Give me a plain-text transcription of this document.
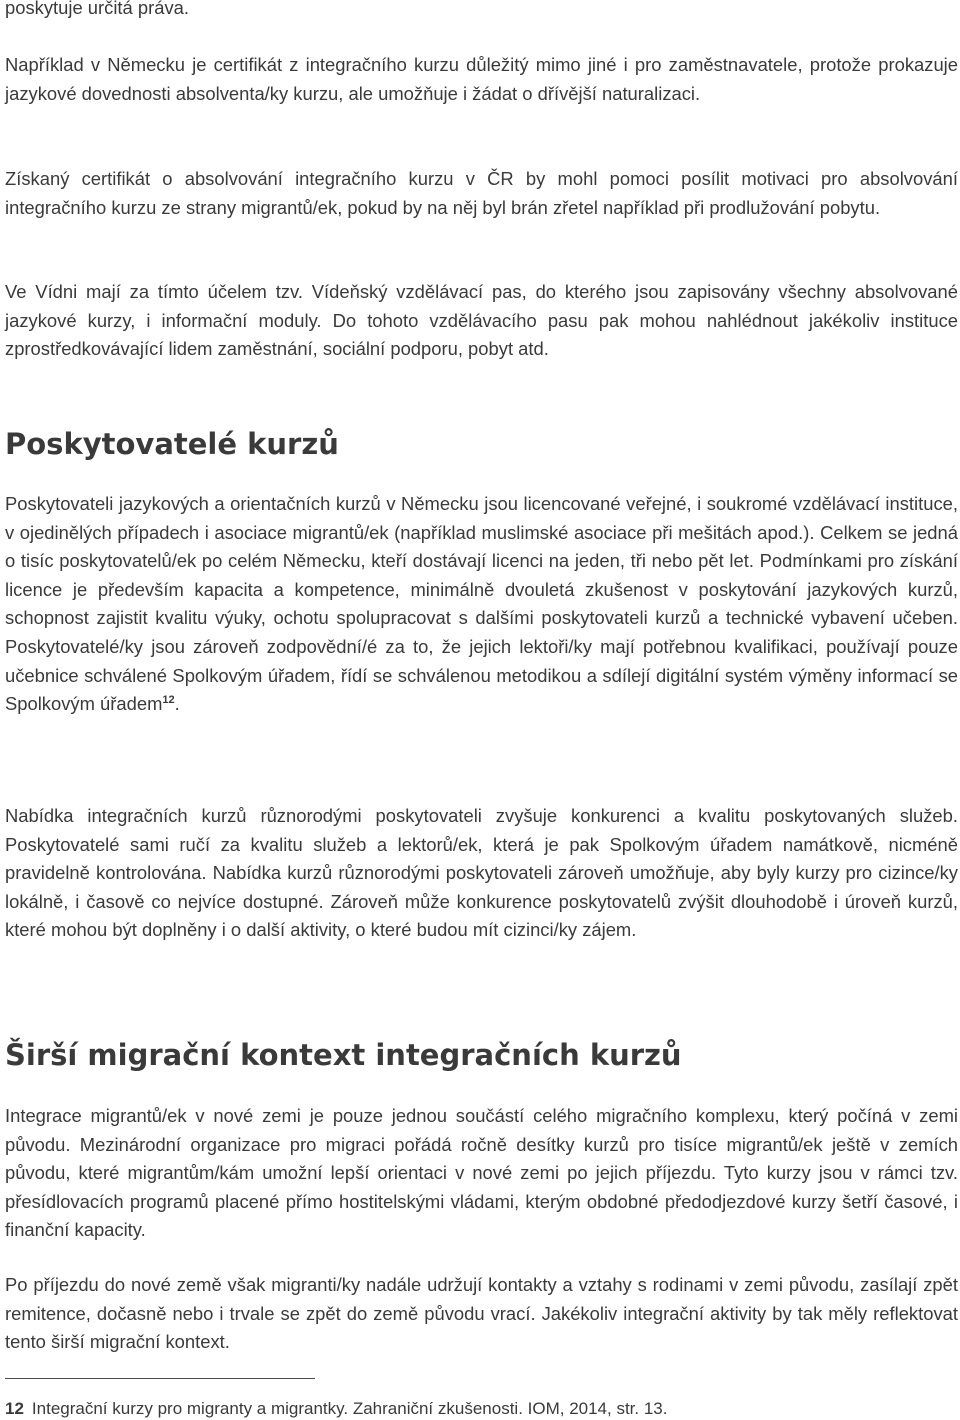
poskytuje určitá práva.

Například v Německu je certifikát z integračního kurzu důležitý mimo jiné i pro zaměstnavatele, protože prokazuje jazykové dovednosti absolventa/ky kurzu, ale umožňuje i žádat o dřívější naturalizaci.

Získaný certifikát o absolvování integračního kurzu v ČR by mohl pomoci posílit motivaci pro absolvování integračního kurzu ze strany migrantů/ek, pokud by na něj byl brán zřetel například při prodlužování pobytu.

Ve Vídni mají za tímto účelem tzv. Vídeňský vzdělávací pas, do kterého jsou zapisovány všechny absolvované jazykové kurzy, i informační moduly. Do tohoto vzdělávacího pasu pak mohou nahlédnout jakékoliv instituce zprostředkovávající lidem zaměstnání, sociální podporu, pobyt atd.

Poskytovatelé kurzů

Poskytovateli jazykových a orientačních kurzů v Německu jsou licencované veřejné, i soukromé vzdělávací instituce, v ojedinělých případech i asociace migrantů/ek (například muslimské asociace při mešitách apod.). Celkem se jedná o tisíc poskytovatelů/ek po celém Německu, kteří dostávají licenci na jeden, tři nebo pět let. Podmínkami pro získání licence je především kapacita a kompetence, minimálně dvouletá zkušenost v poskytování jazykových kurzů, schopnost zajistit kvalitu výuky, ochotu spolupracovat s dalšími poskytovateli kurzů a technické vybavení učeben. Poskytovatelé/ky jsou zároveň zodpovědní/é za to, že jejich lektoři/ky mají potřebnou kvalifikaci, používají pouze učebnice schválené Spolkovým úřadem, řídí se schválenou metodikou a sdílejí digitální systém výměny informací se Spolkovým úřadem$^{12}$.

Nabídka integračních kurzů různorodými poskytovateli zvyšuje konkurenci a kvalitu poskytovaných služeb. Poskytovatelé sami ručí za kvalitu služeb a lektorů/ek, která je pak Spolkovým úřadem namátkově, nicméně pravidelně kontrolována. Nabídka kurzů různorodými poskytovateli zároveň umožňuje, aby byly kurzy pro cizince/ky lokálně, i časově co nejvíce dostupné. Zároveň může konkurence poskytovatelů zvýšit dlouhodobě i úroveň kurzů, které mohou být doplněny i o další aktivity, o které budou mít cizinci/ky zájem.

Širší migrační kontext integračních kurzů

Integrace migrantů/ek v nové zemi je pouze jednou součástí celého migračního komplexu, který počíná v zemi původu. Mezinárodní organizace pro migraci pořádá ročně desítky kurzů pro tisíce migrantů/ek ještě v zemích původu, které migrantům/kám umožní lepší orientaci v nové zemi po jejich příjezdu. Tyto kurzy jsou v rámci tzv. přesídlovacích programů placené přímo hostitelskými vládami, kterým obdobné předodjezdové kurzy šetří časové, i finanční kapacity.

Po příjezdu do nové země však migranti/ky nadále udržují kontakty a vztahy s rodinami v zemi původu, zasílají zpět remitence, dočasně nebo i trvale se zpět do země původu vrací. Jakékoliv integrační aktivity by tak měly reflektovat tento širší migrační kontext.

12 Integrační kurzy pro migranty a migrantky. Zahraniční zkušenosti. IOM, 2014, str. 13.
